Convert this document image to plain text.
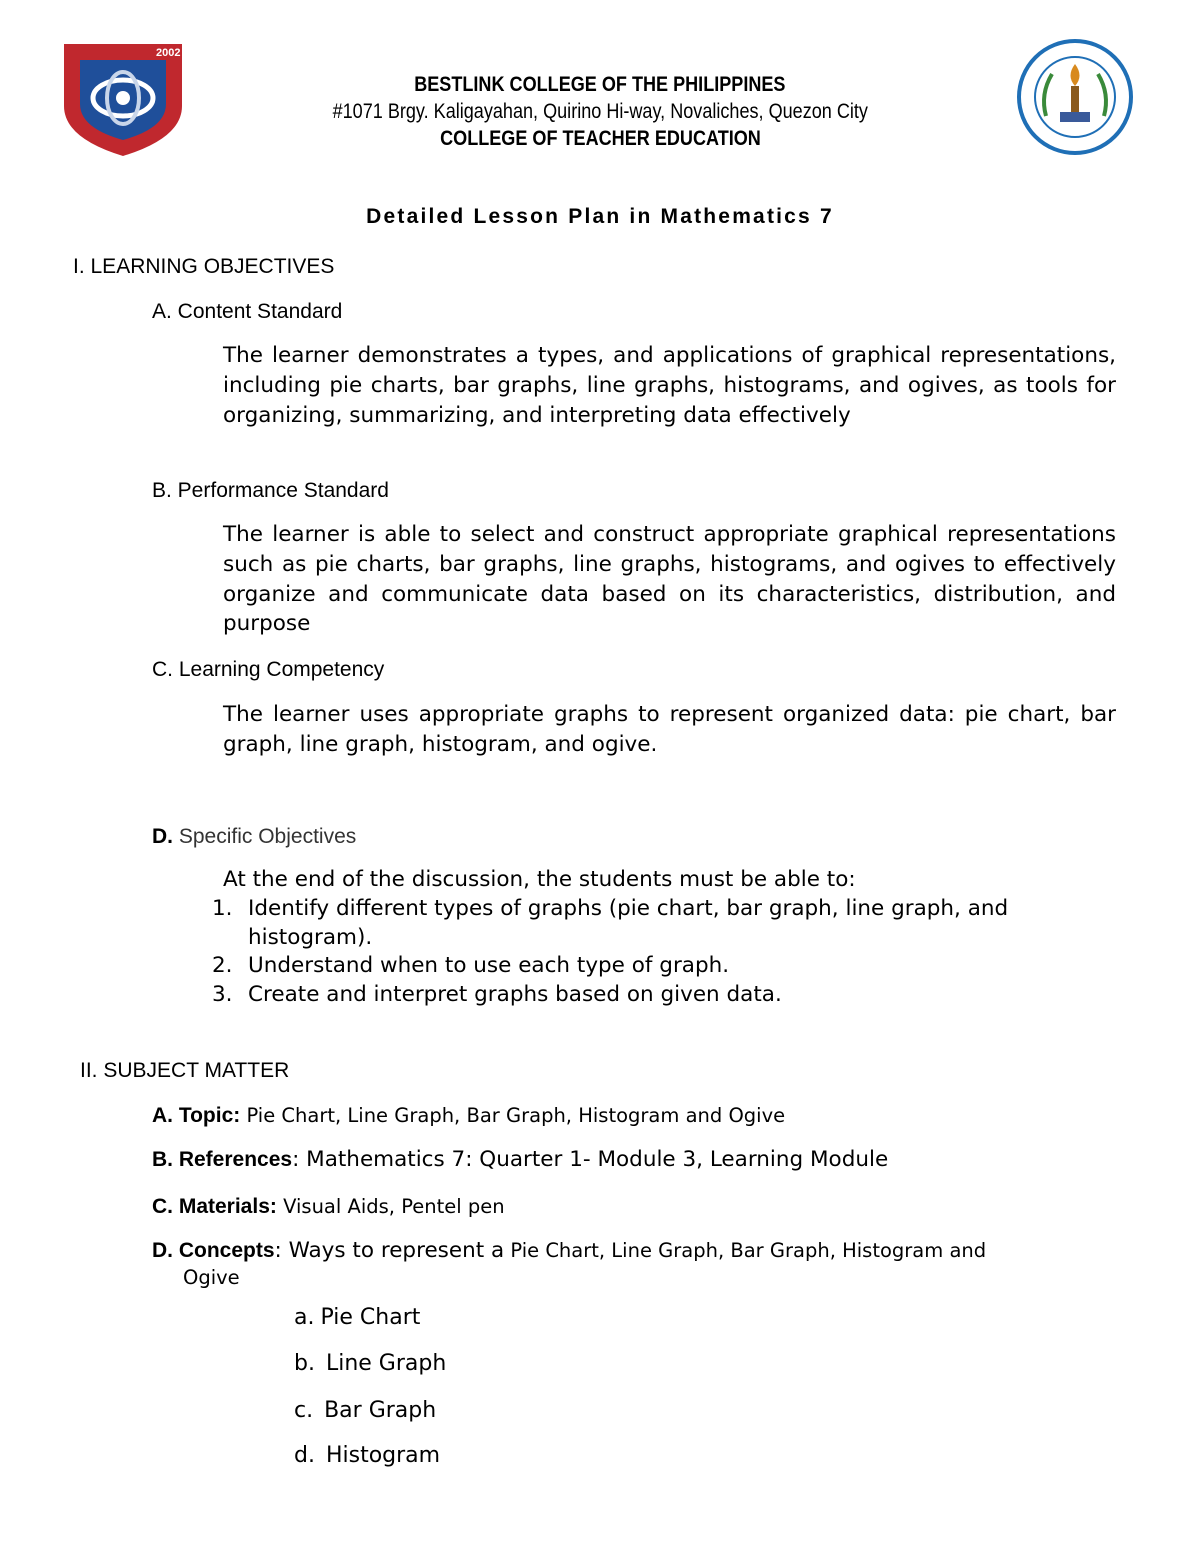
2002
BESTLINK COLLEGE OF THE PHILIPPINES
#1071 Brgy. Kaligayahan, Quirino Hi-way, Novaliches, Quezon City
COLLEGE OF TEACHER EDUCATION
Detailed Lesson Plan in Mathematics 7
I. LEARNING OBJECTIVES
A. Content Standard
The learner demonstrates a types, and applications of graphical representations, including pie charts, bar graphs, line graphs, histograms, and ogives, as tools for organizing, summarizing, and interpreting data effectively
B. Performance Standard
The learner is able to select and construct appropriate graphical representations such as pie charts, bar graphs, line graphs, histograms, and ogives to effectively organize and communicate data based on its characteristics, distribution, and purpose
C. Learning Competency
The learner uses appropriate graphs to represent organized data: pie chart, bar graph, line graph, histogram, and ogive.
D. Specific Objectives
At the end of the discussion, the students must be able to:
1. Identify different types of graphs (pie chart, bar graph, line graph, and histogram).
2. Understand when to use each type of graph.
3. Create and interpret graphs based on given data.
II. SUBJECT MATTER
A. Topic: Pie Chart, Line Graph, Bar Graph, Histogram and Ogive
B. References: Mathematics 7: Quarter 1- Module 3, Learning Module
C. Materials: Visual Aids, Pentel pen
D. Concepts: Ways to represent a Pie Chart, Line Graph, Bar Graph, Histogram and
Ogive
a. Pie Chart
b. Line Graph
c. Bar Graph
d. Histogram
